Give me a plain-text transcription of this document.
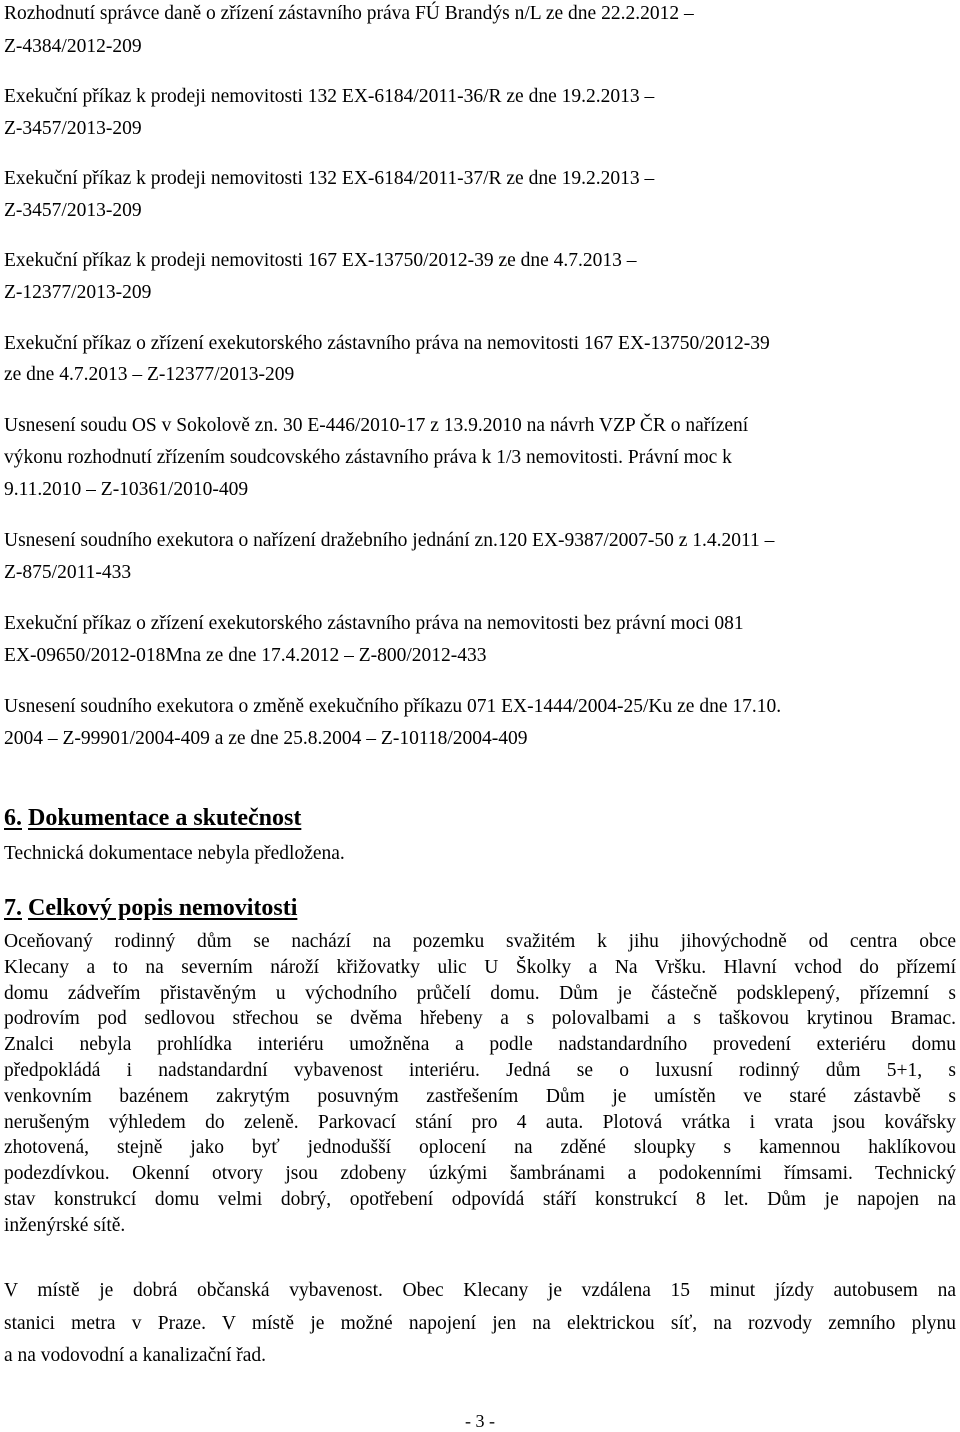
Rozhodnutí správce daně o zřízení zástavního práva FÚ Brandýs n/L ze dne 22.2.2012 –
Z-4384/2012-209
Exekuční příkaz k prodeji nemovitosti 132 EX-6184/2011-36/R ze dne 19.2.2013 –
Z-3457/2013-209
Exekuční příkaz k prodeji nemovitosti 132 EX-6184/2011-37/R ze dne 19.2.2013 –
Z-3457/2013-209
Exekuční příkaz k prodeji nemovitosti 167 EX-13750/2012-39 ze dne 4.7.2013 –
Z-12377/2013-209
Exekuční příkaz o zřízení exekutorského zástavního práva na nemovitosti 167 EX-13750/2012-39
ze dne 4.7.2013 – Z-12377/2013-209
Usnesení soudu OS v Sokolově zn. 30 E-446/2010-17 z 13.9.2010 na návrh VZP ČR o nařízení
výkonu rozhodnutí zřízením soudcovského zástavního práva k 1/3 nemovitosti. Právní moc k
9.11.2010 – Z-10361/2010-409
Usnesení soudního exekutora o nařízení dražebního jednání zn.120 EX-9387/2007-50 z 1.4.2011 –
Z-875/2011-433
Exekuční příkaz o zřízení exekutorského zástavního práva na nemovitosti bez právní moci 081
EX-09650/2012-018Mna ze dne 17.4.2012 – Z-800/2012-433
Usnesení soudního exekutora o změně exekučního příkazu 071 EX-1444/2004-25/Ku ze dne 17.10.
2004 – Z-99901/2004-409 a ze dne 25.8.2004 – Z-10118/2004-409
6. Dokumentace a skutečnost
Technická dokumentace nebyla předložena.
7. Celkový popis nemovitosti
Oceňovaný rodinný dům se nachází na pozemku svažitém k jihu jihovýchodně od centra obce
Klecany a to na severním nároží křižovatky ulic U Školky a Na Vršku. Hlavní vchod do přízemí
domu zádveřím přistavěným u východního průčelí domu. Dům je částečně podsklepený, přízemní s
podrovím pod sedlovou střechou se dvěma hřebeny a s polovalbami a s taškovou krytinou Bramac.
Znalci nebyla prohlídka interiéru umožněna a podle nadstandardního provedení exteriéru domu
předpokládá i nadstandardní vybavenost interiéru. Jedná se o luxusní rodinný dům 5+1, s
venkovním bazénem zakrytým posuvným zastřešením Dům je umístěn ve staré zástavbě s
nerušeným výhledem do zeleně. Parkovací stání pro 4 auta. Plotová vrátka i vrata jsou kovářsky
zhotovená, stejně jako byť jednodušší oplocení na zděné sloupky s kamennou haklíkovou
podezdívkou. Okenní otvory jsou zdobeny úzkými šambránami a podokenními římsami. Technický
stav konstrukcí domu velmi dobrý, opotřebení odpovídá stáří konstrukcí 8 let. Dům je napojen na
inženýrské sítě.
V místě je dobrá občanská vybavenost. Obec Klecany je vzdálena 15 minut jízdy autobusem na
stanici metra v Praze. V místě je možné napojení jen na elektrickou síť, na rozvody zemního plynu
a na vodovodní a kanalizační řad.
- 3 -
